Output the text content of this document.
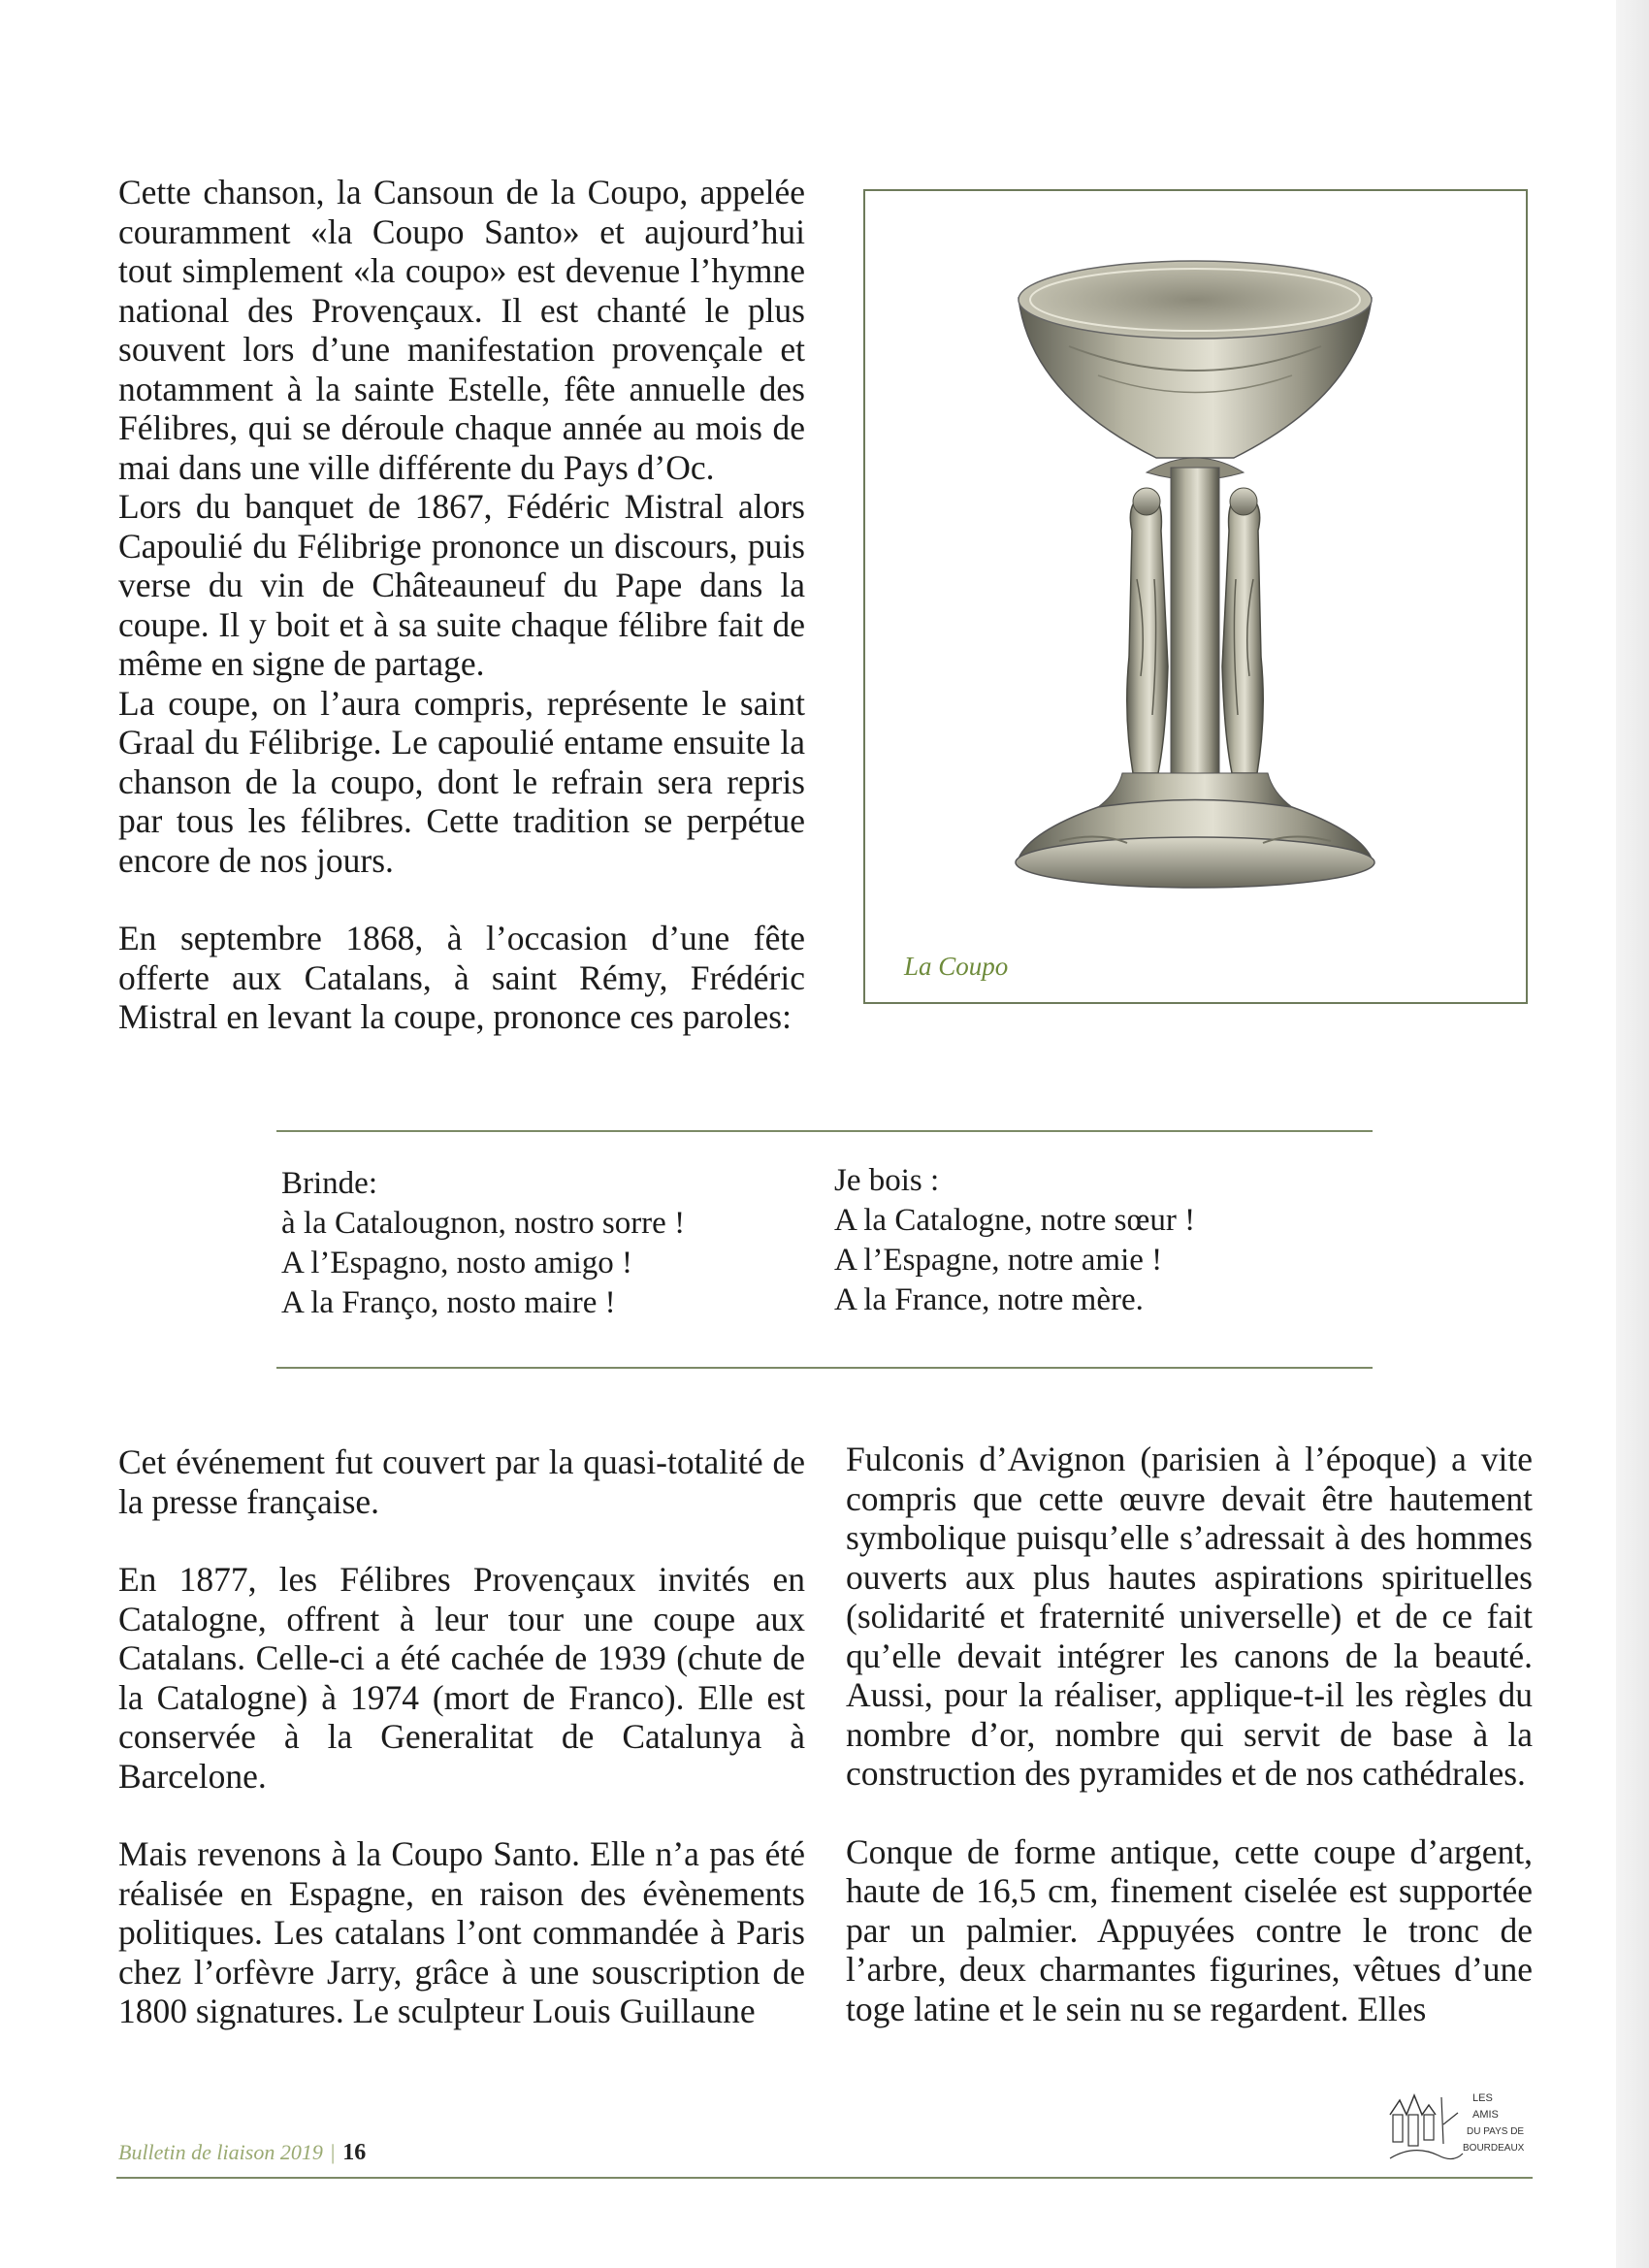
Cette chanson, la Cansoun de la Coupo, appelée couramment «la Coupo Santo» et aujourd’hui tout simplement «la coupo» est devenue l’hymne national des Provençaux. Il est chanté le plus souvent lors d’une manifestation provençale et notamment à la sainte Estelle, fête annuelle des Félibres, qui se déroule chaque année au mois de mai dans une ville différente du Pays d’Oc.

Lors du banquet de 1867, Fédéric Mistral alors Capoulié du Félibrige prononce un discours, puis verse du vin de Châteauneuf du Pape dans la coupe. Il y boit et à sa suite chaque félibre fait de même en signe de partage.

La coupe, on l’aura compris, représente le saint Graal du Félibrige. Le capoulié entame ensuite la chanson de la coupo, dont le refrain sera repris par tous les félibres. Cette tradition se perpétue encore de nos jours.

En septembre 1868, à l’occasion d’une fête offerte aux Catalans, à saint Rémy, Frédéric Mistral en levant la coupe, prononce ces paroles:

La Coupo
Brinde:
à la Catalougnon, nostro sorre !
A l’Espagno, nosto amigo !
A la Franço, nosto maire !
Je bois :
A la Catalogne, notre sœur !
A l’Espagne, notre amie !
A la France, notre mère.

Cet événement fut couvert par la quasi-totalité de la presse française.

En 1877, les Félibres Provençaux invités en Catalogne, offrent à leur tour une coupe aux Catalans. Celle-ci a été cachée de 1939 (chute de la Catalogne) à 1974 (mort de Franco). Elle est conservée à la Generalitat de Catalunya à Barcelone.

Mais revenons à la Coupo Santo. Elle n’a pas été réalisée en Espagne, en raison des évènements politiques. Les catalans l’ont commandée à Paris chez l’orfèvre Jarry, grâce à une souscription de 1800 signatures. Le sculpteur Louis Guillaune

Fulconis d’Avignon (parisien à l’époque) a vite compris que cette œuvre devait être hautement symbolique puisqu’elle s’adressait à des hommes ouverts aux plus hautes aspirations spirituelles (solidarité et fraternité universelle) et de ce fait qu’elle devait intégrer les canons de la beauté. Aussi, pour la réaliser, applique-t-il les règles du nombre d’or, nombre qui servit de base à la construction des pyramides et de nos cathédrales.

Conque de forme antique, cette coupe d’argent, haute de 16,5 cm, finement ciselée est supportée par un palmier. Appuyées contre le tronc de l’arbre, deux charmantes figurines, vêtues d’une toge latine et le sein nu se regardent. Elles

Bulletin de liaison 2019 | 16
LES
AMIS
DU PAYS DE
BOURDEAUX
